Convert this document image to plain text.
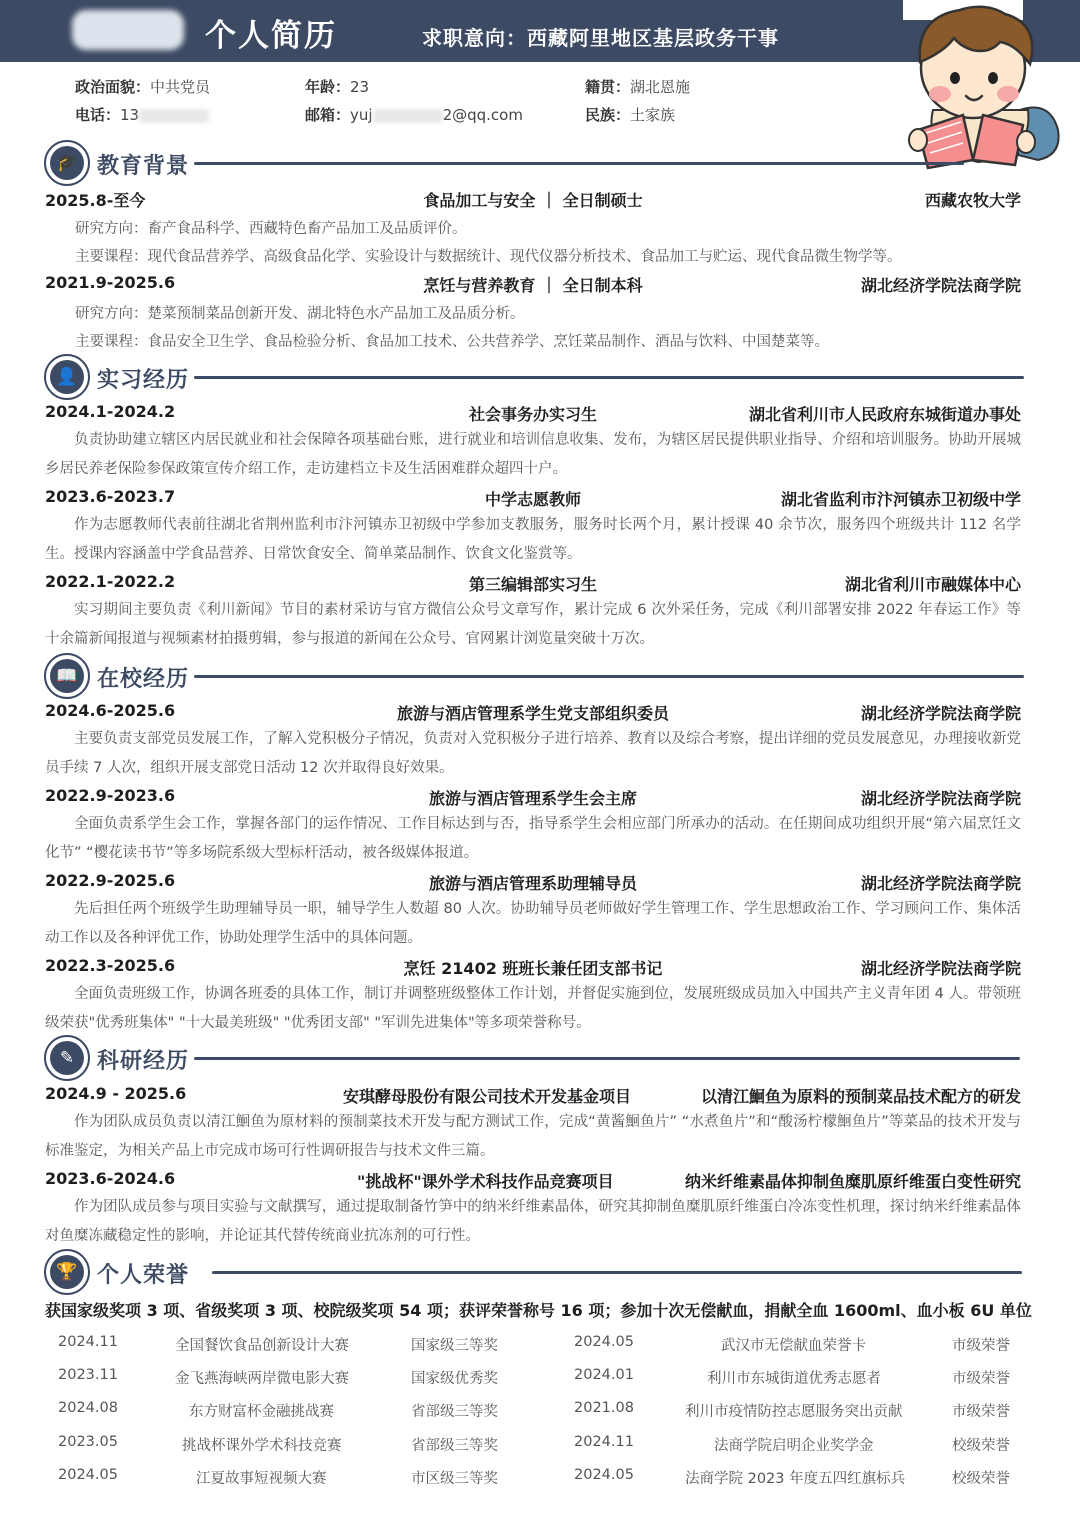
个人简历	求职意向：西藏阿里地区基层政务干事
政治面貌：中共党员	年龄：23	籍贯：湖北恩施
电话：13	邮箱：yuj	2@qq.com	民族：土家族
🎓 教育背景
2025.8-至今	食品加工与安全 ｜ 全日制硕士	西藏农牧大学
研究方向：畜产食品科学、西藏特色畜产品加工及品质评价。
主要课程：现代食品营养学、高级食品化学、实验设计与数据统计、现代仪器分析技术、食品加工与贮运、现代食品微生物学等。
2021.9-2025.6	烹饪与营养教育 ｜ 全日制本科	湖北经济学院法商学院
研究方向：楚菜预制菜品创新开发、湖北特色水产品加工及品质分析。
主要课程：食品安全卫生学、食品检验分析、食品加工技术、公共营养学、烹饪菜品制作、酒品与饮料、中国楚菜等。
👤 实习经历
2024.1-2024.2	社会事务办实习生	湖北省利川市人民政府东城街道办事处
负责协助建立辖区内居民就业和社会保障各项基础台账，进行就业和培训信息收集、发布，为辖区居民提供职业指导、介绍和培训服务。协助开展城乡居民养老保险参保政策宣传介绍工作，走访建档立卡及生活困难群众超四十户。
2023.6-2023.7	中学志愿教师	湖北省监利市汴河镇赤卫初级中学
作为志愿教师代表前往湖北省荆州监利市汴河镇赤卫初级中学参加支教服务，服务时长两个月，累计授课 40 余节次，服务四个班级共计 112 名学生。授课内容涵盖中学食品营养、日常饮食安全、简单菜品制作、饮食文化鉴赏等。
2022.1-2022.2	第三编辑部实习生	湖北省利川市融媒体中心
实习期间主要负责《利川新闻》节目的素材采访与官方微信公众号文章写作，累计完成 6 次外采任务，完成《利川部署安排 2022 年春运工作》等十余篇新闻报道与视频素材拍摄剪辑，参与报道的新闻在公众号、官网累计浏览量突破十万次。
📖 在校经历
2024.6-2025.6	旅游与酒店管理系学生党支部组织委员	湖北经济学院法商学院
主要负责支部党员发展工作，了解入党积极分子情况，负责对入党积极分子进行培养、教育以及综合考察，提出详细的党员发展意见，办理接收新党员手续 7 人次，组织开展支部党日活动 12 次并取得良好效果。
2022.9-2023.6	旅游与酒店管理系学生会主席	湖北经济学院法商学院
全面负责系学生会工作，掌握各部门的运作情况、工作目标达到与否，指导系学生会相应部门所承办的活动。在任期间成功组织开展“第六届烹饪文化节” “樱花读书节”等多场院系级大型标杆活动，被各级媒体报道。
2022.9-2025.6	旅游与酒店管理系助理辅导员	湖北经济学院法商学院
先后担任两个班级学生助理辅导员一职，辅导学生人数超 80 人次。协助辅导员老师做好学生管理工作、学生思想政治工作、学习顾问工作、集体活动工作以及各种评优工作，协助处理学生活中的具体问题。
2022.3-2025.6	烹饪 21402 班班长兼任团支部书记	湖北经济学院法商学院
全面负责班级工作，协调各班委的具体工作，制订并调整班级整体工作计划，并督促实施到位，发展班级成员加入中国共产主义青年团 4 人。带领班级荣获"优秀班集体" "十大最美班级" "优秀团支部" "军训先进集体"等多项荣誉称号。
✎	科研经历
2024.9 - 2025.6	安琪酵母股份有限公司技术开发基金项目	以清江鮰鱼为原料的预制菜品技术配方的研发
作为团队成员负责以清江鮰鱼为原材料的预制菜技术开发与配方测试工作，完成“黄酱鮰鱼片” “水煮鱼片”和“酸汤柠檬鮰鱼片”等菜品的技术开发与标准鉴定，为相关产品上市完成市场可行性调研报告与技术文件三篇。
2023.6-2024.6	"挑战杯"课外学术科技作品竞赛项目	纳米纤维素晶体抑制鱼糜肌原纤维蛋白变性研究
作为团队成员参与项目实验与文献撰写，通过提取制备竹笋中的纳米纤维素晶体，研究其抑制鱼糜肌原纤维蛋白冷冻变性机理，探讨纳米纤维素晶体对鱼糜冻藏稳定性的影响，并论证其代替传统商业抗冻剂的可行性。
🏆 个人荣誉
获国家级奖项 3 项、省级奖项 3 项、校院级奖项 54 项；获评荣誉称号 16 项；参加十次无偿献血，捐献全血 1600ml、血小板 6U 单位
2024.11	全国餐饮食品创新设计大赛	国家级三等奖	2024.05	武汉市无偿献血荣誉卡	市级荣誉
2023.11	金飞燕海峡两岸微电影大赛	国家级优秀奖	2024.01	利川市东城街道优秀志愿者	市级荣誉
2024.08	东方财富杯金融挑战赛	省部级三等奖	2021.08	利川市疫情防控志愿服务突出贡献	市级荣誉
2023.05	挑战杯课外学术科技竞赛	省部级三等奖	2024.11	法商学院启明企业奖学金	校级荣誉
2024.05	江夏故事短视频大赛	市区级三等奖	2024.05	法商学院 2023 年度五四红旗标兵	校级荣誉
